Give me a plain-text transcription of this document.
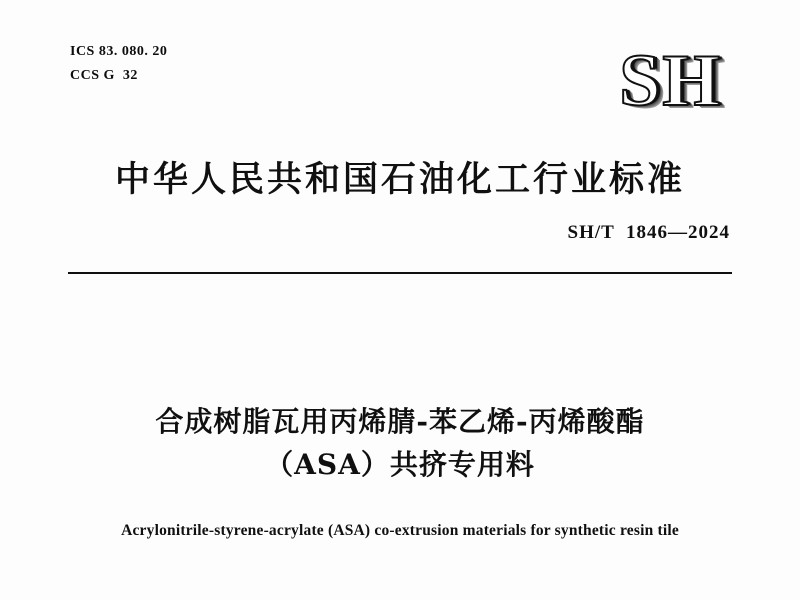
ICS 83. 080. 20
CCS G  32	SH
中华人民共和国石油化工行业标准
SH/T  1846—2024
合成树脂瓦用丙烯腈-苯乙烯-丙烯酸酯
（ASA）共挤专用料
Acrylonitrile-styrene-acrylate (ASA) co-extrusion materials for synthetic resin tile
